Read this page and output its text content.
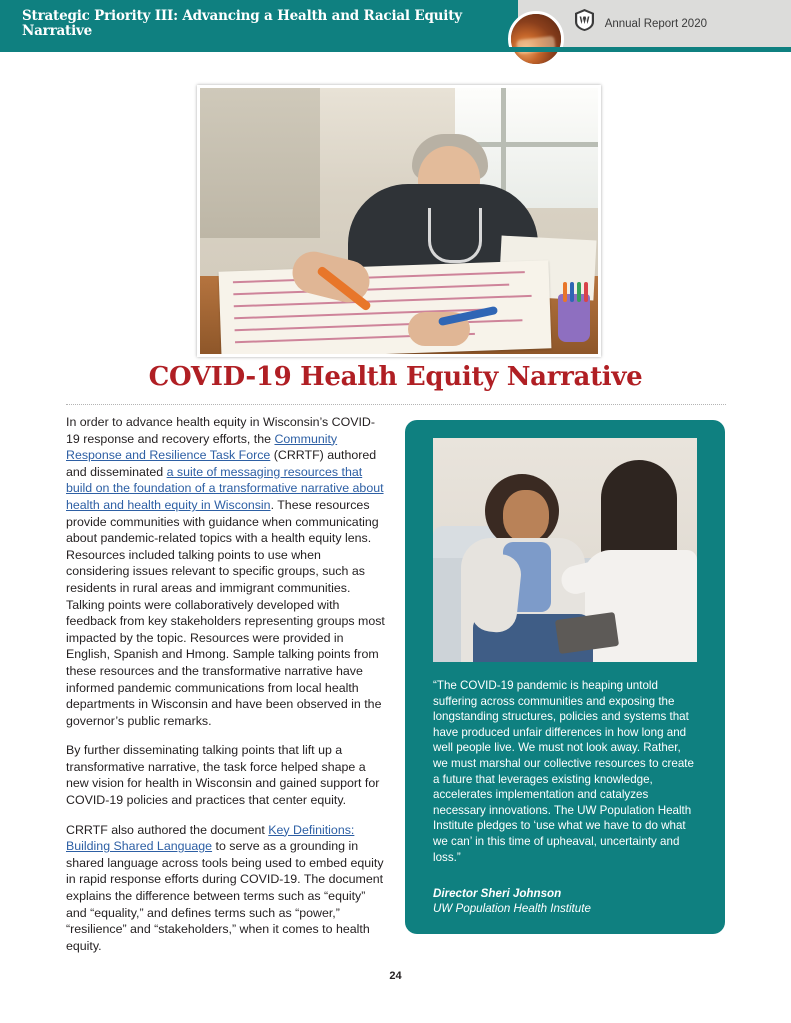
Strategic Priority III: Advancing a Health and Racial Equity Narrative	Annual Report 2020
COVID-19 Health Equity Narrative

In order to advance health equity in Wisconsin’s COVID-19 response and recovery efforts, the Community Response and Resilience Task Force (CRRTF) authored and disseminated a suite of messaging resources that build on the foundation of a transformative narrative about health and health equity in Wisconsin. These resources provide communities with guidance when communicating about pandemic-related topics with a health equity lens. Resources included talking points to use when considering issues relevant to specific groups, such as residents in rural areas and immigrant communities. Talking points were collaboratively developed with feedback from key stakeholders representing groups most impacted by the topic. Resources were provided in English, Spanish and Hmong. Sample talking points from these resources and the transformative narrative have informed pandemic communications from local health departments in Wisconsin and have been observed in the governor’s public remarks.

By further disseminating talking points that lift up a transformative narrative, the task force helped shape a new vision for health in Wisconsin and gained support for COVID-19 policies and practices that center equity.

CRRTF also authored the document Key Definitions: Building Shared Language to serve as a grounding in shared language across tools being used to embed equity in rapid response efforts during COVID-19. The document explains the difference between terms such as “equity” and “equality,” and defines terms such as “power,” “resilience” and “stakeholders,” when it comes to health equity.

“The COVID-19 pandemic is heaping untold suffering across communities and exposing the longstanding structures, policies and systems that have produced unfair differences in how long and well people live. We must not look away. Rather, we must marshal our collective resources to create a future that leverages existing knowledge, accelerates implementation and catalyzes necessary innovations. The UW Population Health Institute pledges to ‘use what we have to do what we can’ in this time of upheaval, uncertainty and loss.”
Director Sheri Johnson
UW Population Health Institute
24
